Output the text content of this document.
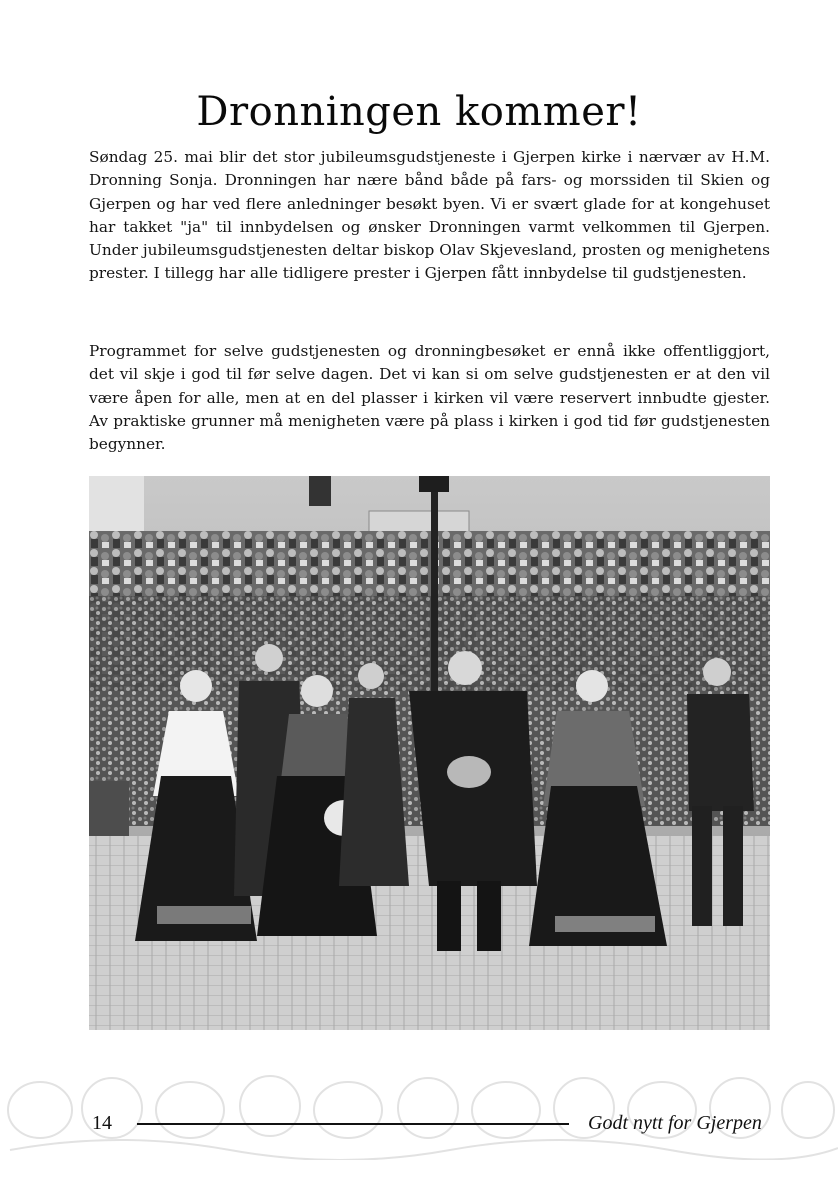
Dronningen kommer!

Søndag 25. mai blir det stor jubileumsgudstjeneste i Gjerpen kirke i nærvær av H.M. Dronning Sonja. Dronningen har nære bånd både på fars- og morssiden til Skien og Gjerpen og har ved flere anledninger besøkt byen. Vi er svært glade for at kongehuset har takket "ja" til innbydelsen og ønsker Dronningen varmt velkommen til Gjerpen. Under jubileumsgudstjenesten deltar biskop Olav Skjevesland, prosten og menighetens prester. I tillegg har alle tidligere prester i Gjerpen fått innbydelse til gudstjenesten.

Programmet for selve gudstjenesten og dronningbesøket er ennå ikke offentliggjort, det vil skje i god til før selve dagen. Det vi kan si om selve gudstjenesten er at den vil være åpen for alle, men at en del plasser i kirken vil være reservert innbudte gjester. Av praktiske grunner må menigheten være på plass i kirken i god tid før gudstjenesten begynner.

14	Godt nytt for Gjerpen
